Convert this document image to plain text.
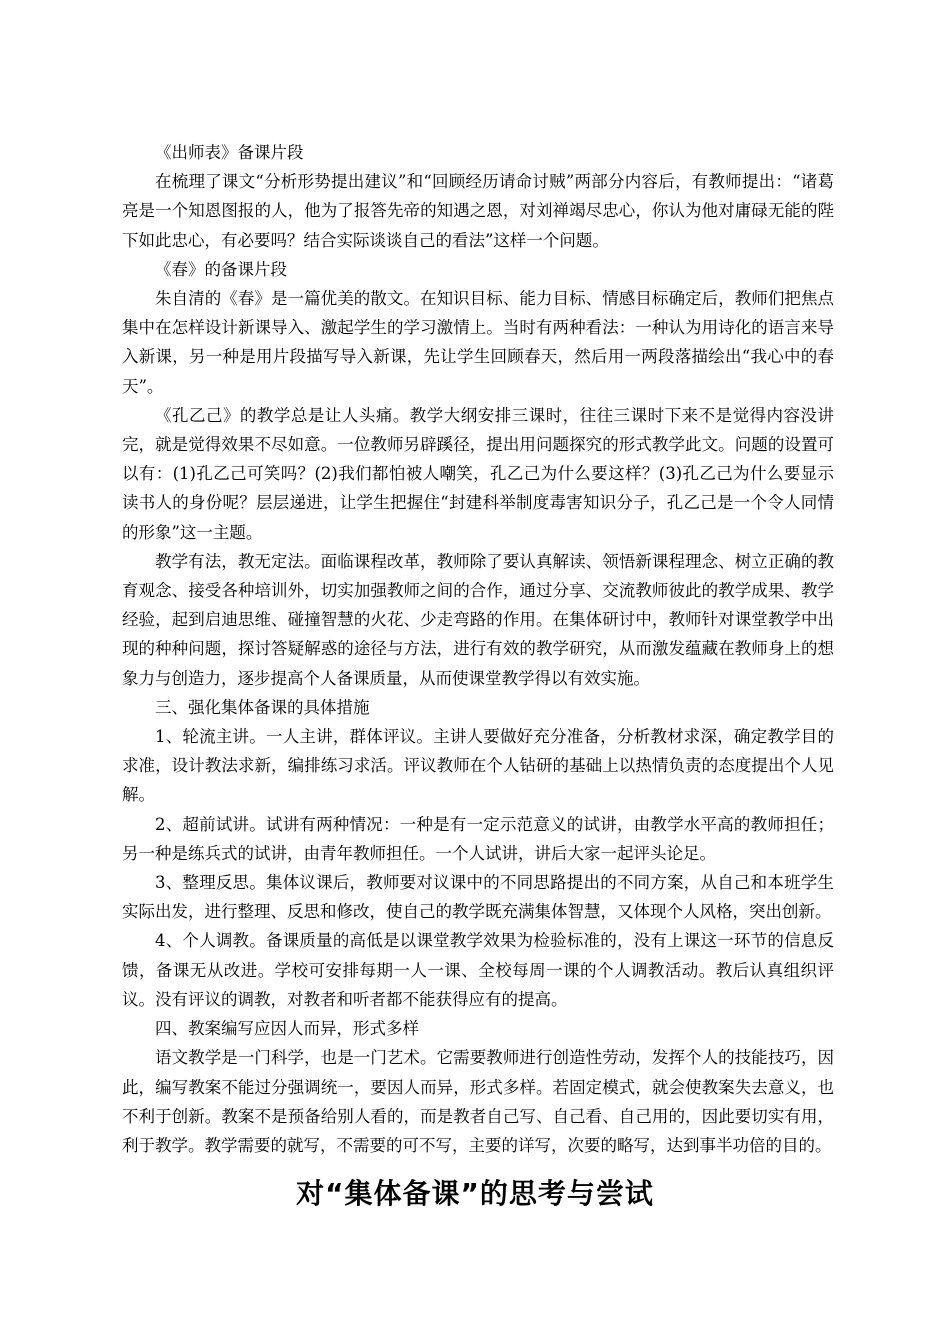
《出师表》备课片段

在梳理了课文“分析形势提出建议”和“回顾经历请命讨贼”两部分内容后，有教师提出：“诸葛亮是一个知恩图报的人，他为了报答先帝的知遇之恩，对刘禅竭尽忠心，你认为他对庸碌无能的陛下如此忠心，有必要吗？结合实际谈谈自己的看法”这样一个问题。

《春》的备课片段

朱自清的《春》是一篇优美的散文。在知识目标、能力目标、情感目标确定后，教师们把焦点集中在怎样设计新课导入、激起学生的学习激情上。当时有两种看法：一种认为用诗化的语言来导入新课，另一种是用片段描写导入新课，先让学生回顾春天，然后用一两段落描绘出“我心中的春天”。

《孔乙己》的教学总是让人头痛。教学大纲安排三课时，往往三课时下来不是觉得内容没讲完，就是觉得效果不尽如意。一位教师另辟蹊径，提出用问题探究的形式教学此文。问题的设置可以有：(1)孔乙己可笑吗？(2)我们都怕被人嘲笑，孔乙己为什么要这样？(3)孔乙己为什么要显示读书人的身份呢？层层递进，让学生把握住“封建科举制度毒害知识分子，孔乙己是一个令人同情的形象”这一主题。

教学有法，教无定法。面临课程改革，教师除了要认真解读、领悟新课程理念、树立正确的教育观念、接受各种培训外，切实加强教师之间的合作，通过分享、交流教师彼此的教学成果、教学经验，起到启迪思维、碰撞智慧的火花、少走弯路的作用。在集体研讨中，教师针对课堂教学中出现的种种问题，探讨答疑解惑的途径与方法，进行有效的教学研究，从而激发蕴藏在教师身上的想象力与创造力，逐步提高个人备课质量，从而使课堂教学得以有效实施。

三、强化集体备课的具体措施

1、轮流主讲。一人主讲，群体评议。主讲人要做好充分准备，分析教材求深，确定教学目的求准，设计教法求新，编排练习求活。评议教师在个人钻研的基础上以热情负责的态度提出个人见解。

2、超前试讲。试讲有两种情况：一种是有一定示范意义的试讲，由教学水平高的教师担任；另一种是练兵式的试讲，由青年教师担任。一个人试讲，讲后大家一起评头论足。

3、整理反思。集体议课后，教师要对议课中的不同思路提出的不同方案，从自己和本班学生实际出发，进行整理、反思和修改，使自己的教学既充满集体智慧，又体现个人风格，突出创新。

4、个人调教。备课质量的高低是以课堂教学效果为检验标准的，没有上课这一环节的信息反馈，备课无从改进。学校可安排每期一人一课、全校每周一课的个人调教活动。教后认真组织评议。没有评议的调教，对教者和听者都不能获得应有的提高。

四、教案编写应因人而异，形式多样

语文教学是一门科学，也是一门艺术。它需要教师进行创造性劳动，发挥个人的技能技巧，因此，编写教案不能过分强调统一，要因人而异，形式多样。若固定模式，就会使教案失去意义，也不利于创新。教案不是预备给别人看的，而是教者自己写、自己看、自己用的，因此要切实有用，利于教学。教学需要的就写，不需要的可不写，主要的详写，次要的略写，达到事半功倍的目的。

对“集体备课”的思考与尝试
